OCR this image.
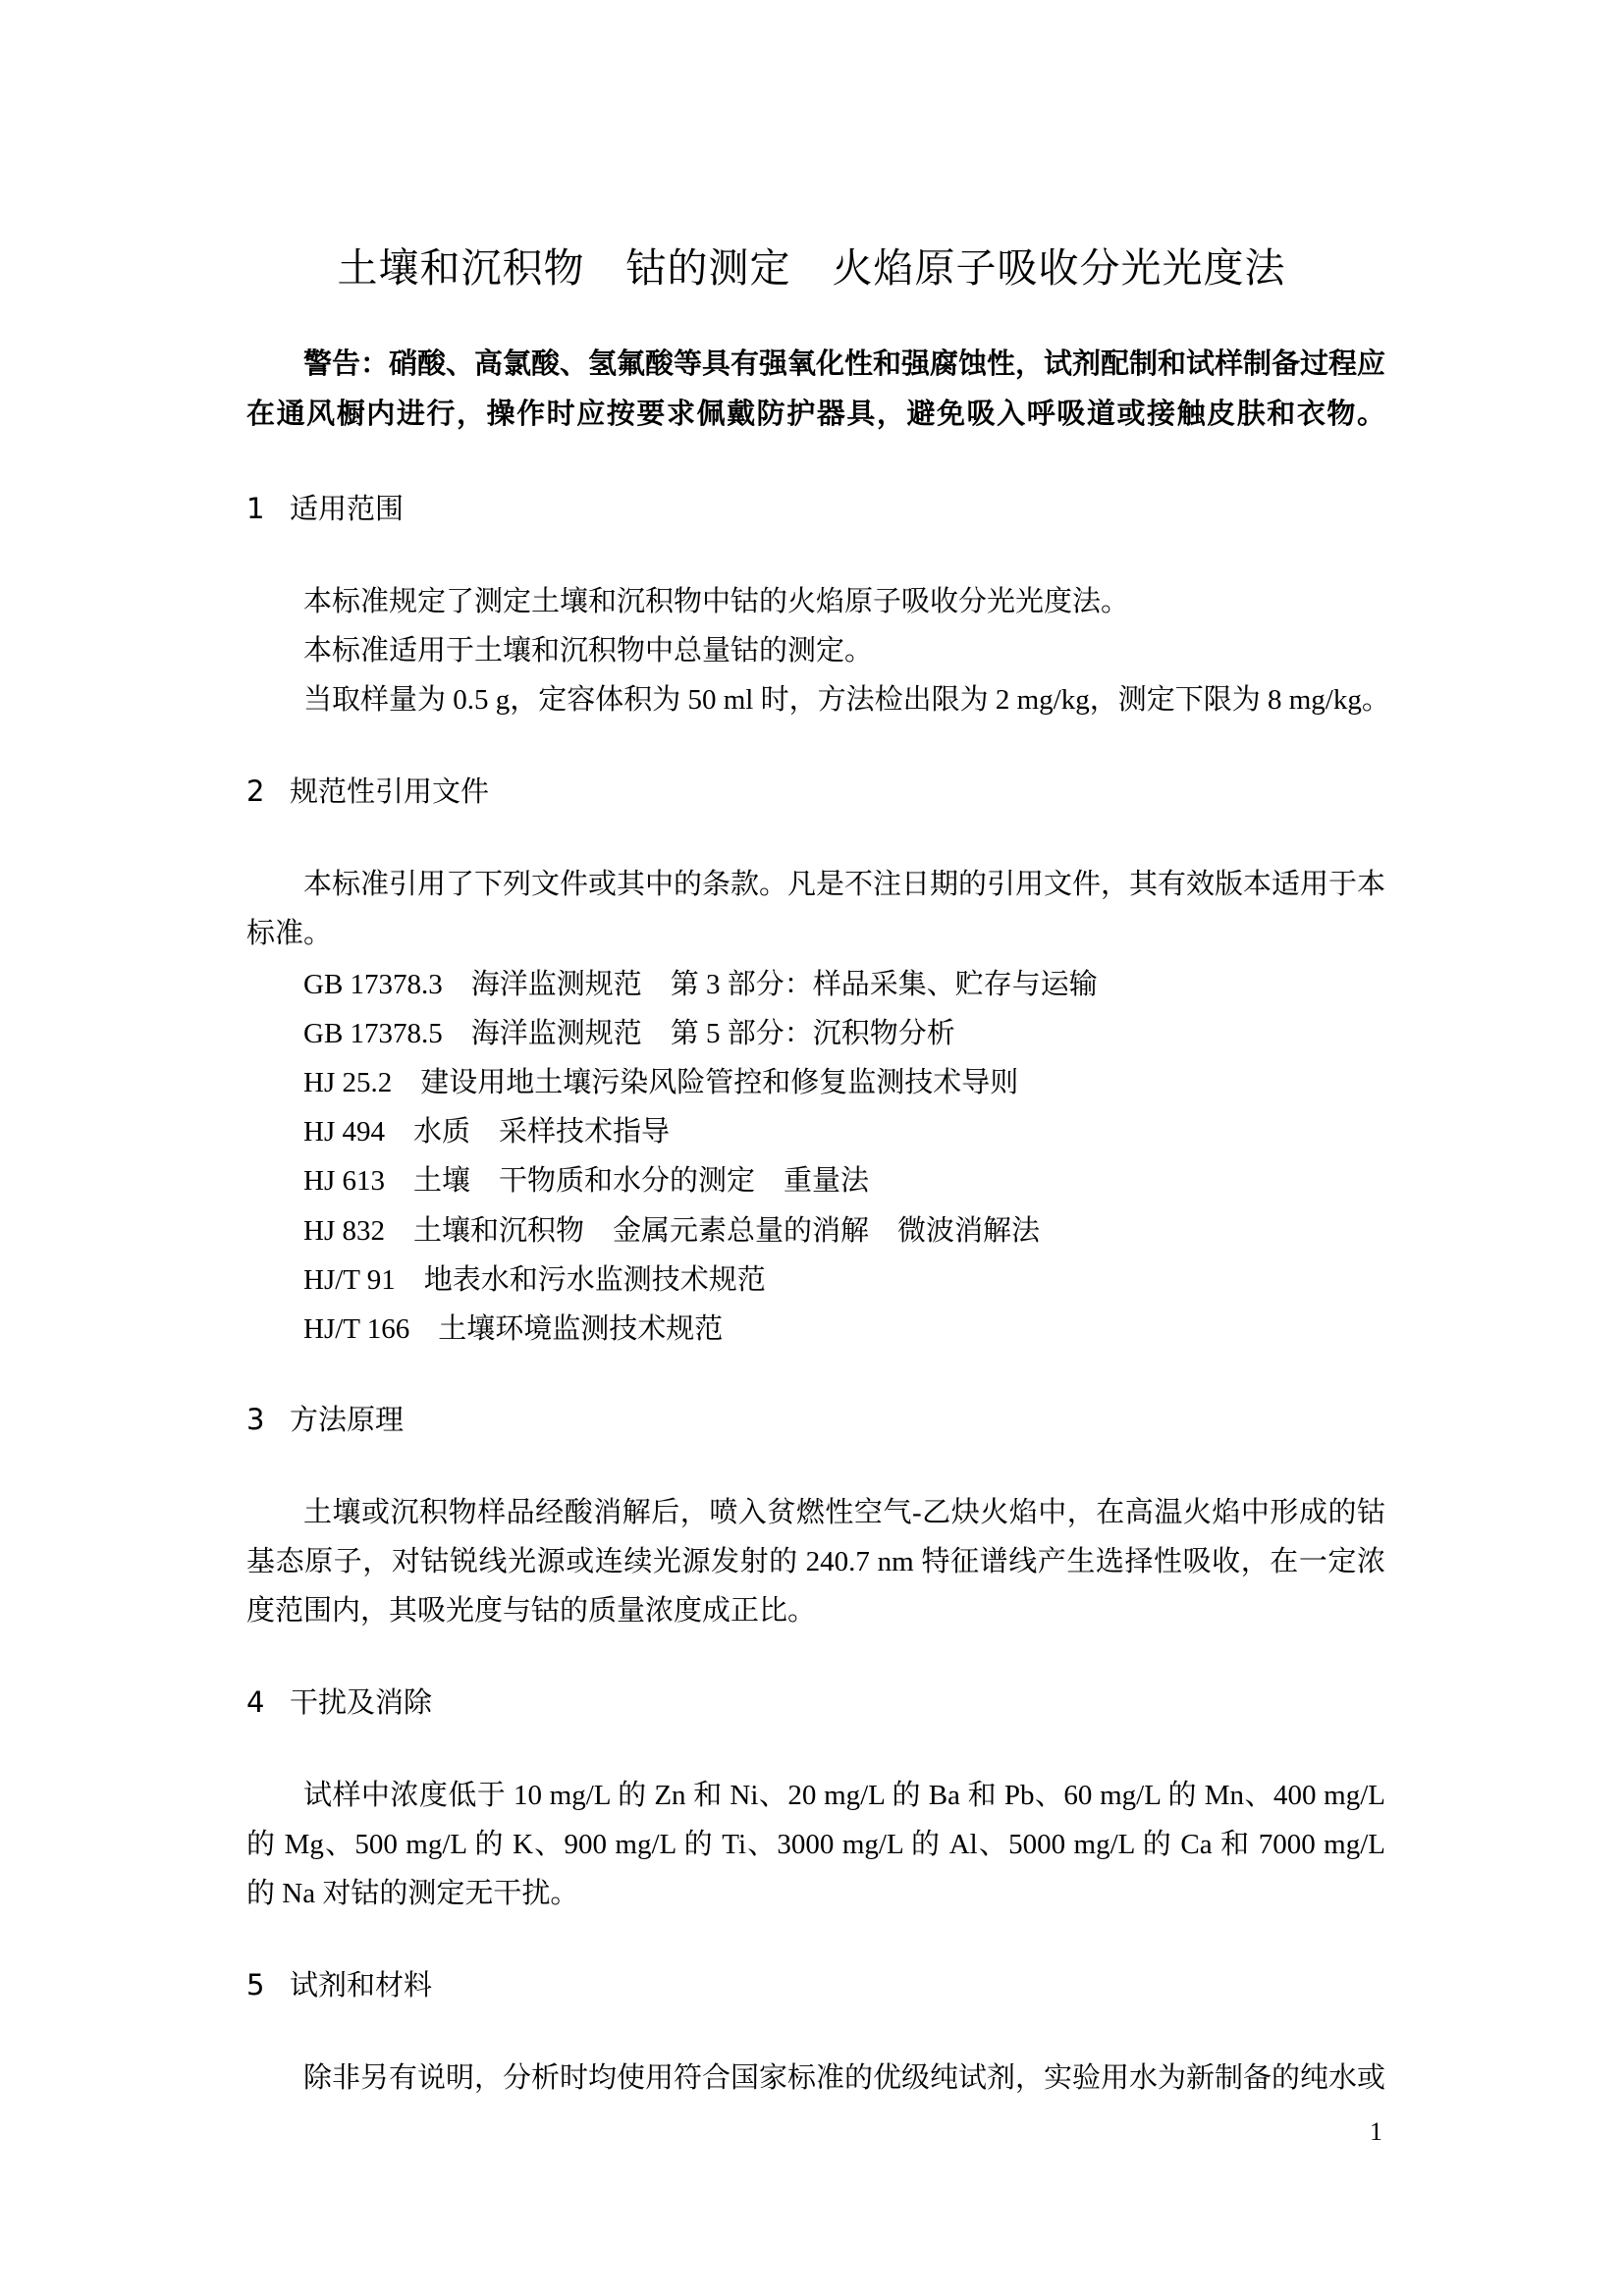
土壤和沉积物　钴的测定　火焰原子吸收分光光度法
警告：硝酸、高氯酸、氢氟酸等具有强氧化性和强腐蚀性，试剂配制和试样制备过程应
在通风橱内进行，操作时应按要求佩戴防护器具，避免吸入呼吸道或接触皮肤和衣物。
1 适用范围
本标准规定了测定土壤和沉积物中钴的火焰原子吸收分光光度法。
本标准适用于土壤和沉积物中总量钴的测定。
当取样量为 0.5 g，定容体积为 50 ml 时，方法检出限为 2 mg/kg，测定下限为 8 mg/kg。
2 规范性引用文件
本标准引用了下列文件或其中的条款。凡是不注日期的引用文件，其有效版本适用于本
标准。
GB 17378.3　海洋监测规范　第 3 部分：样品采集、贮存与运输
GB 17378.5　海洋监测规范　第 5 部分：沉积物分析
HJ 25.2　建设用地土壤污染风险管控和修复监测技术导则
HJ 494　水质　采样技术指导
HJ 613　土壤　干物质和水分的测定　重量法
HJ 832　土壤和沉积物　金属元素总量的消解　微波消解法
HJ/T 91　地表水和污水监测技术规范
HJ/T 166　土壤环境监测技术规范
3 方法原理
土壤或沉积物样品经酸消解后，喷入贫燃性空气-乙炔火焰中，在高温火焰中形成的钴
基态原子，对钴锐线光源或连续光源发射的 240.7 nm 特征谱线产生选择性吸收，在一定浓
度范围内，其吸光度与钴的质量浓度成正比。
4 干扰及消除
试样中浓度低于 10 mg/L 的 Zn 和 Ni、20 mg/L 的 Ba 和 Pb、60 mg/L 的 Mn、400 mg/L
的 Mg、500 mg/L 的 K、900 mg/L 的 Ti、3000 mg/L 的 Al、5000 mg/L 的 Ca 和 7000 mg/L
的 Na 对钴的测定无干扰。
5 试剂和材料
除非另有说明，分析时均使用符合国家标准的优级纯试剂，实验用水为新制备的纯水或
1
